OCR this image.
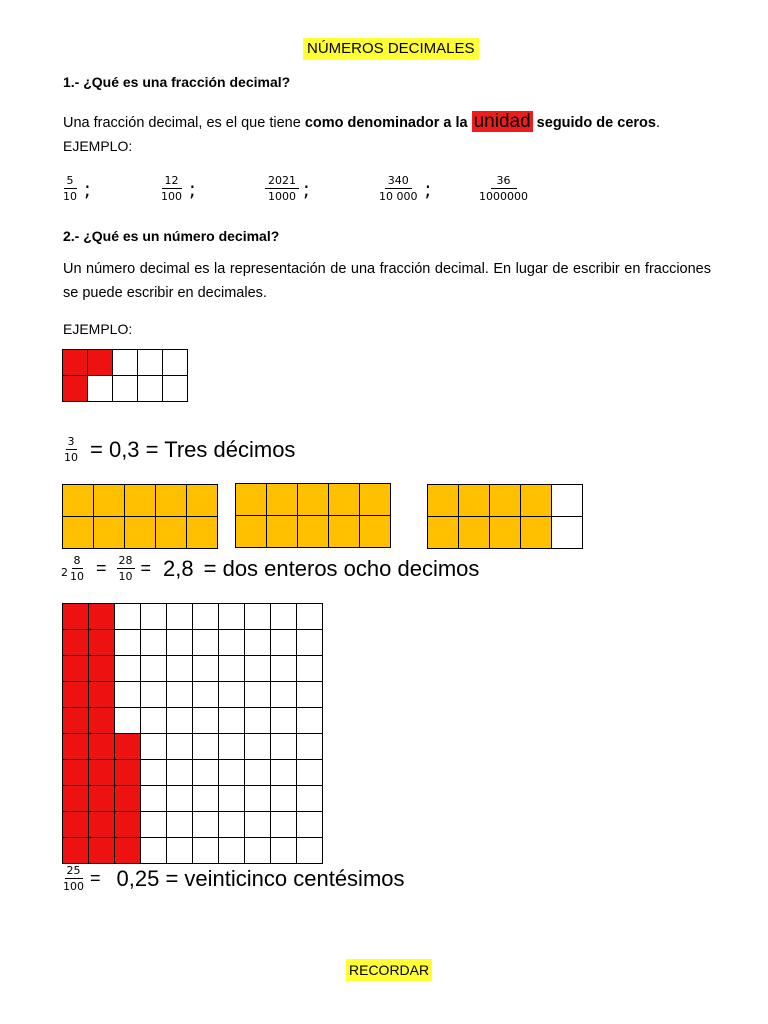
NÚMEROS DECIMALES
1.- ¿Qué es una fracción decimal?
Una fracción decimal, es el que tiene como denominador a la unidad seguido de ceros.
EJEMPLO:
$\frac{5}{10}$ ;	$\frac{12}{100}$ ;	$\frac{2021}{1000}$ ;	$\frac{340}{10 000}$ ;	$\frac{36}{1000000}$
2.- ¿Qué es un número decimal?
Un número decimal es la representación de una fracción decimal. En lugar de escribir en fracciones se puede escribir en decimales.
EJEMPLO:
$\frac{3}{10} = 0,3$ = Tres décimos
$2 \frac{8}{10} = \frac{28}{10} = 2,8$ = dos enteros ocho decimos
$\frac{25}{100} = 0,25$ = veinticinco centésimos
RECORDAR
